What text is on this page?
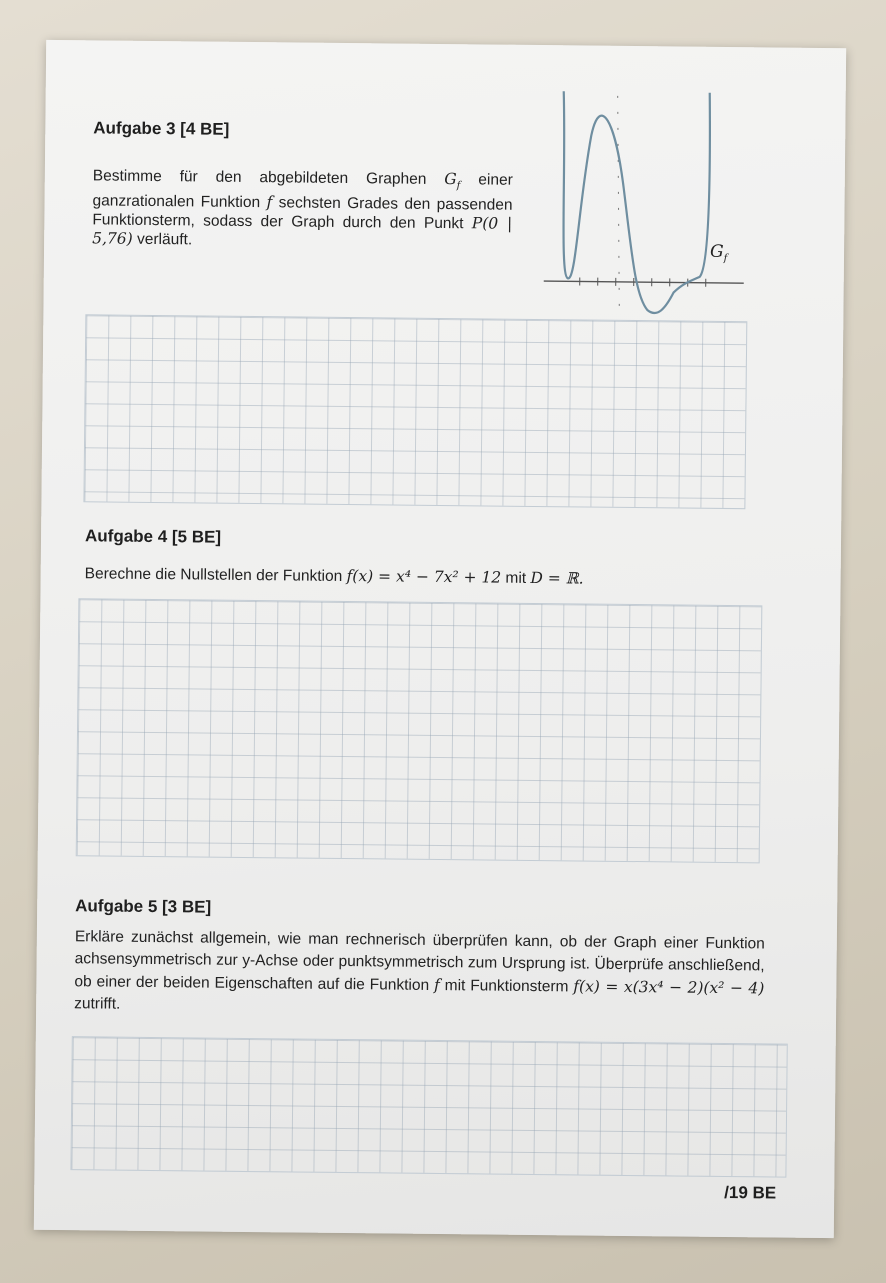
Aufgabe 3 [4 BE]
Bestimme für den abgebildeten Graphen $G_f$ einer ganzrationalen Funktion f sechsten Grades den passenden Funktionsterm, sodass der Graph durch den Punkt P(0 | 5,76) verläuft.
$G_f$
Aufgabe 4 [5 BE]
Berechne die Nullstellen der Funktion f(x) = x⁴ − 7x² + 12 mit D = ℝ.
Aufgabe 5 [3 BE]
Erkläre zunächst allgemein, wie man rechnerisch überprüfen kann, ob der Graph einer Funktion achsensymmetrisch zur y-Achse oder punktsymmetrisch zum Ursprung ist. Überprüfe anschließend, ob einer der beiden Eigenschaften auf die Funktion f mit Funktionsterm f(x) = x(3x⁴ − 2)(x² − 4) zutrifft.
/19 BE
